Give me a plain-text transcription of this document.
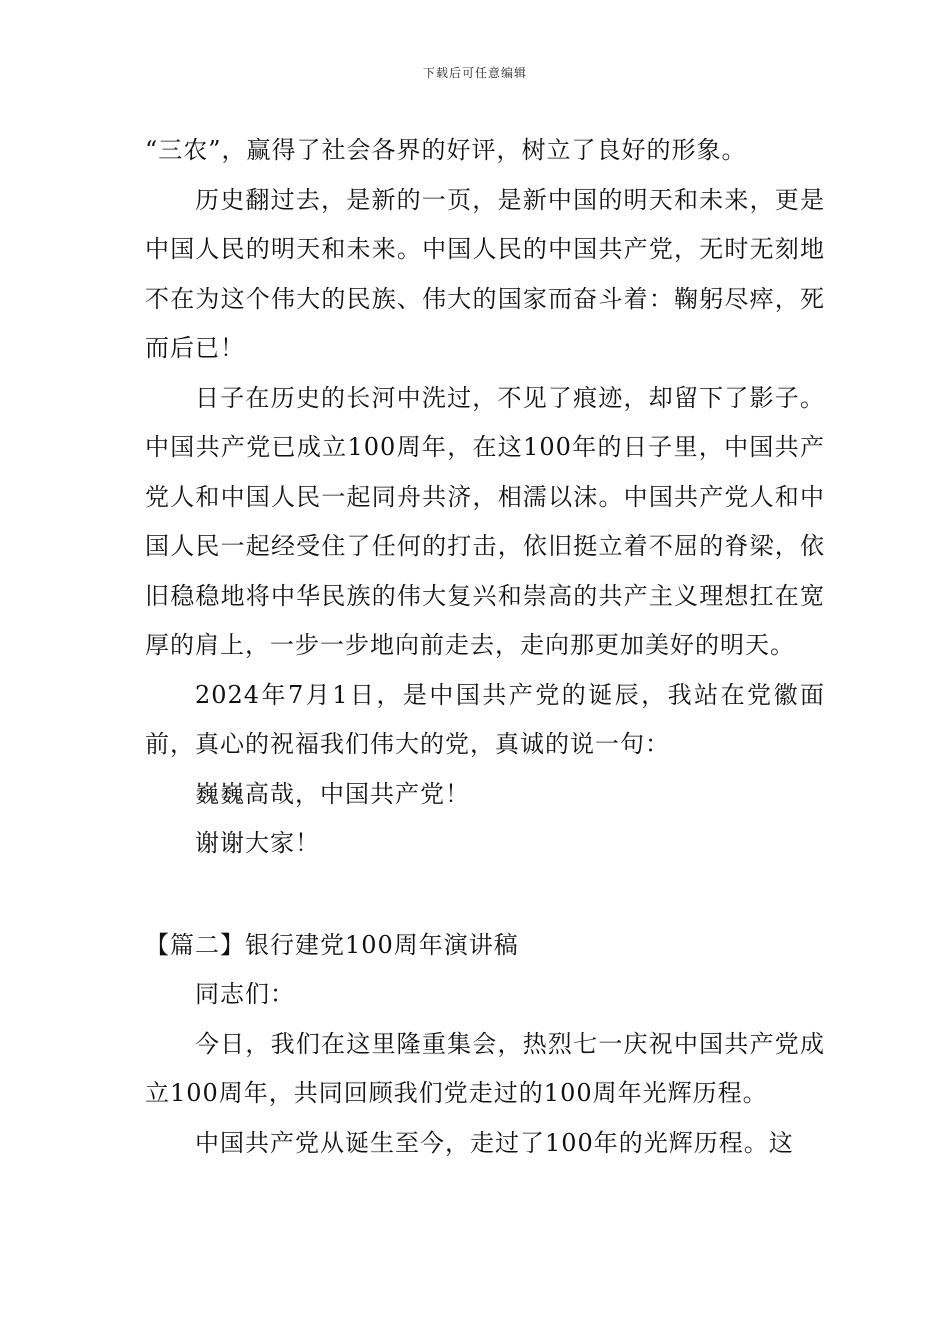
下载后可任意编辑

“三农”，赢得了社会各界的好评，树立了良好的形象。

历史翻过去，是新的一页，是新中国的明天和未来，更是中国人民的明天和未来。中国人民的中国共产党，无时无刻地不在为这个伟大的民族、伟大的国家而奋斗着：鞠躬尽瘁，死而后已！

日子在历史的长河中洗过，不见了痕迹，却留下了影子。中国共产党已成立100周年，在这100年的日子里，中国共产党人和中国人民一起同舟共济，相濡以沫。中国共产党人和中国人民一起经受住了任何的打击，依旧挺立着不屈的脊梁，依旧稳稳地将中华民族的伟大复兴和崇高的共产主义理想扛在宽厚的肩上，一步一步地向前走去，走向那更加美好的明天。

2024年7月1日，是中国共产党的诞辰，我站在党徽面前，真心的祝福我们伟大的党，真诚的说一句：

巍巍高哉，中国共产党！

谢谢大家！

【篇二】银行建党100周年演讲稿

同志们：

今日，我们在这里隆重集会，热烈七一庆祝中国共产党成立100周年，共同回顾我们党走过的100周年光辉历程。

中国共产党从诞生至今，走过了100年的光辉历程。这
